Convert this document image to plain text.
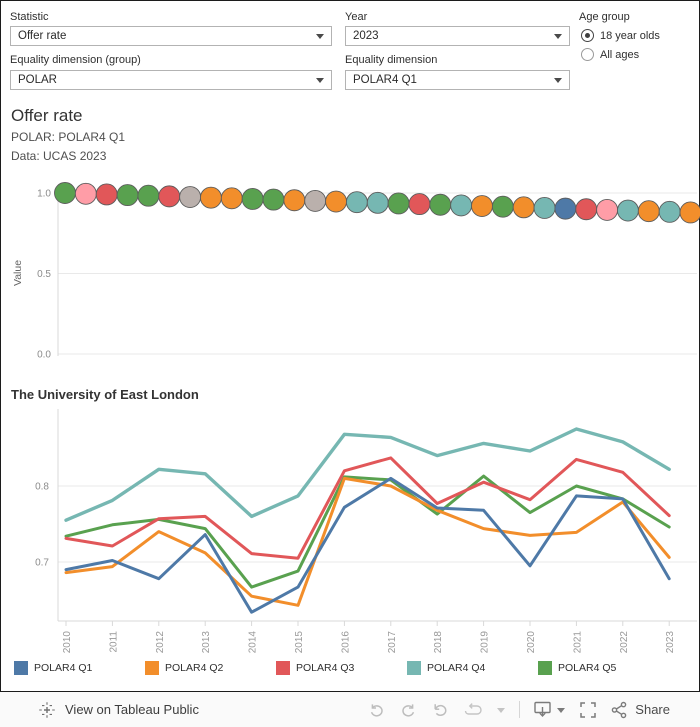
Statistic
Offer rate
Year
2023
Age group
18 year olds
All ages
Equality dimension (group)
POLAR
Equality dimension
POLAR4 Q1
Offer rate
POLAR: POLAR4 Q1
Data: UCAS 2023
1.0
0.5
0.0
Value
The University of East London
0.8
0.7
2010	2011	2012	2013	2014	2015	2016	2017	2018	2019	2020	2021	2022	2023
POLAR4 Q1	POLAR4 Q2	POLAR4 Q3	POLAR4 Q4	POLAR4 Q5
View on Tableau Public	Share
